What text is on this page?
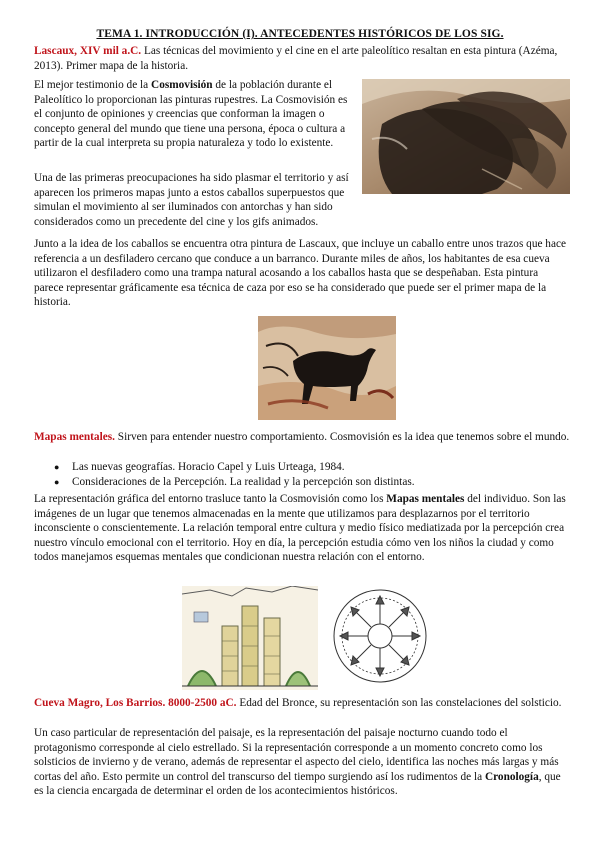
TEMA 1. INTRODUCCIÓN (I). ANTECEDENTES HISTÓRICOS DE LOS SIG.
Lascaux, XIV mil a.C. Las técnicas del movimiento y el cine en el arte paleolítico resaltan en esta pintura (Azéma, 2013). Primer mapa de la historia.
El mejor testimonio de la Cosmovisión de la población durante el Paleolítico lo proporcionan las pinturas rupestres. La Cosmovisión es el conjunto de opiniones y creencias que conforman la imagen o concepto general del mundo que tiene una persona, época o cultura a partir de la cual interpreta su propia naturaleza y todo lo existente.
Una de las primeras preocupaciones ha sido plasmar el territorio y así aparecen los primeros mapas junto a estos caballos superpuestos que simulan el movimiento al ser iluminados con antorchas y han sido considerados como un precedente del cine y los gifs animados.
Junto a la idea de los caballos se encuentra otra pintura de Lascaux, que incluye un caballo entre unos trazos que hace referencia a un desfiladero cercano que conduce a un barranco. Durante miles de años, los habitantes de esa cueva utilizaron el desfiladero como una trampa natural acosando a los caballos hasta que se despeñaban. Esta pintura parece representar gráficamente esa técnica de caza por eso se ha considerado que puede ser el primer mapa de la historia.
Mapas mentales. Sirven para entender nuestro comportamiento. Cosmovisión es la idea que tenemos sobre el mundo.
● Las nuevas geografías. Horacio Capel y Luis Urteaga, 1984.
● Consideraciones de la Percepción. La realidad y la percepción son distintas.
La representación gráfica del entorno trasluce tanto la Cosmovisión como los Mapas mentales del individuo. Son las imágenes de un lugar que tenemos almacenadas en la mente que utilizamos para desplazarnos por el territorio inconsciente o conscientemente. La relación temporal entre cultura y medio físico mediatizada por la percepción crea nuestro vínculo emocional con el territorio. Hoy en día, la percepción estudia cómo ven los niños la ciudad y como todos manejamos esquemas mentales que condicionan nuestra relación con el entorno.
Cueva Magro, Los Barrios. 8000-2500 aC. Edad del Bronce, su representación son las constelaciones del solsticio.
Un caso particular de representación del paisaje, es la representación del paisaje nocturno cuando todo el protagonismo corresponde al cielo estrellado. Si la representación corresponde a un momento concreto como los solsticios de invierno y de verano, además de representar el aspecto del cielo, identifica las noches más largas y más cortas del año. Esto permite un control del transcurso del tiempo surgiendo así los rudimentos de la Cronología, que es la ciencia encargada de determinar el orden de los acontecimientos históricos.
